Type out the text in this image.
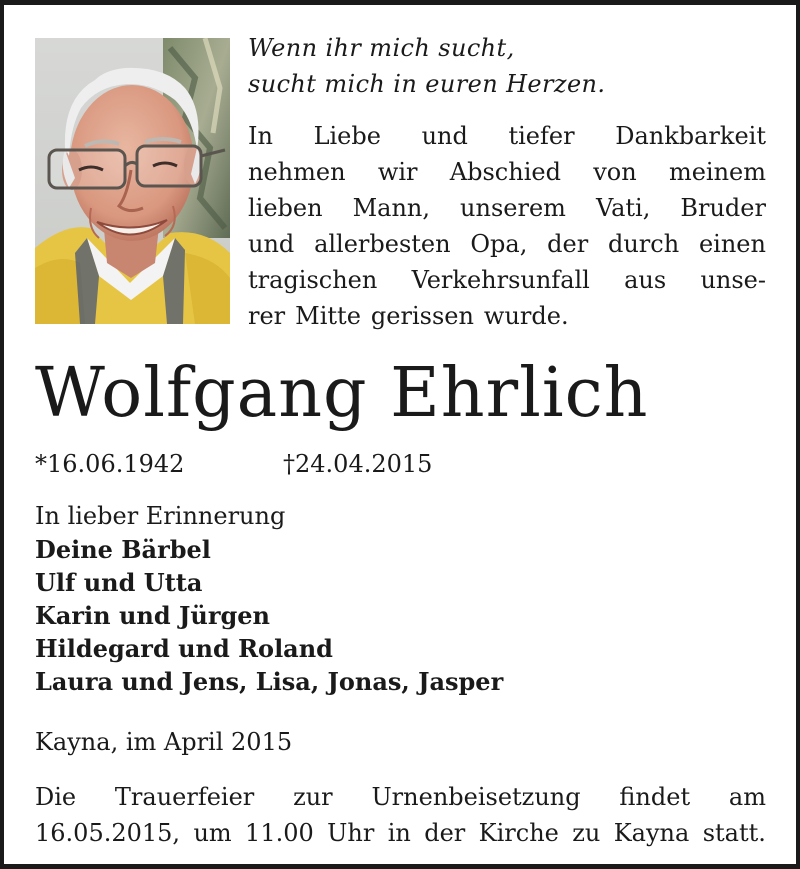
Wenn ihr mich sucht,
sucht mich in euren Herzen.
In Liebe und tiefer Dankbarkeit
nehmen wir Abschied von meinem
lieben Mann, unserem Vati, Bruder
und allerbesten Opa, der durch einen
tragischen Verkehrsunfall aus unse-
rer Mitte gerissen wurde.
Wolfgang Ehrlich
*16.06.1942	†24.04.2015
In lieber Erinnerung
Deine Bärbel
Ulf und Utta
Karin und Jürgen
Hildegard und Roland
Laura und Jens, Lisa, Jonas, Jasper
Kayna, im April 2015
Die Trauerfeier zur Urnenbeisetzung findet am
16.05.2015, um 11.00 Uhr in der Kirche zu Kayna statt.
